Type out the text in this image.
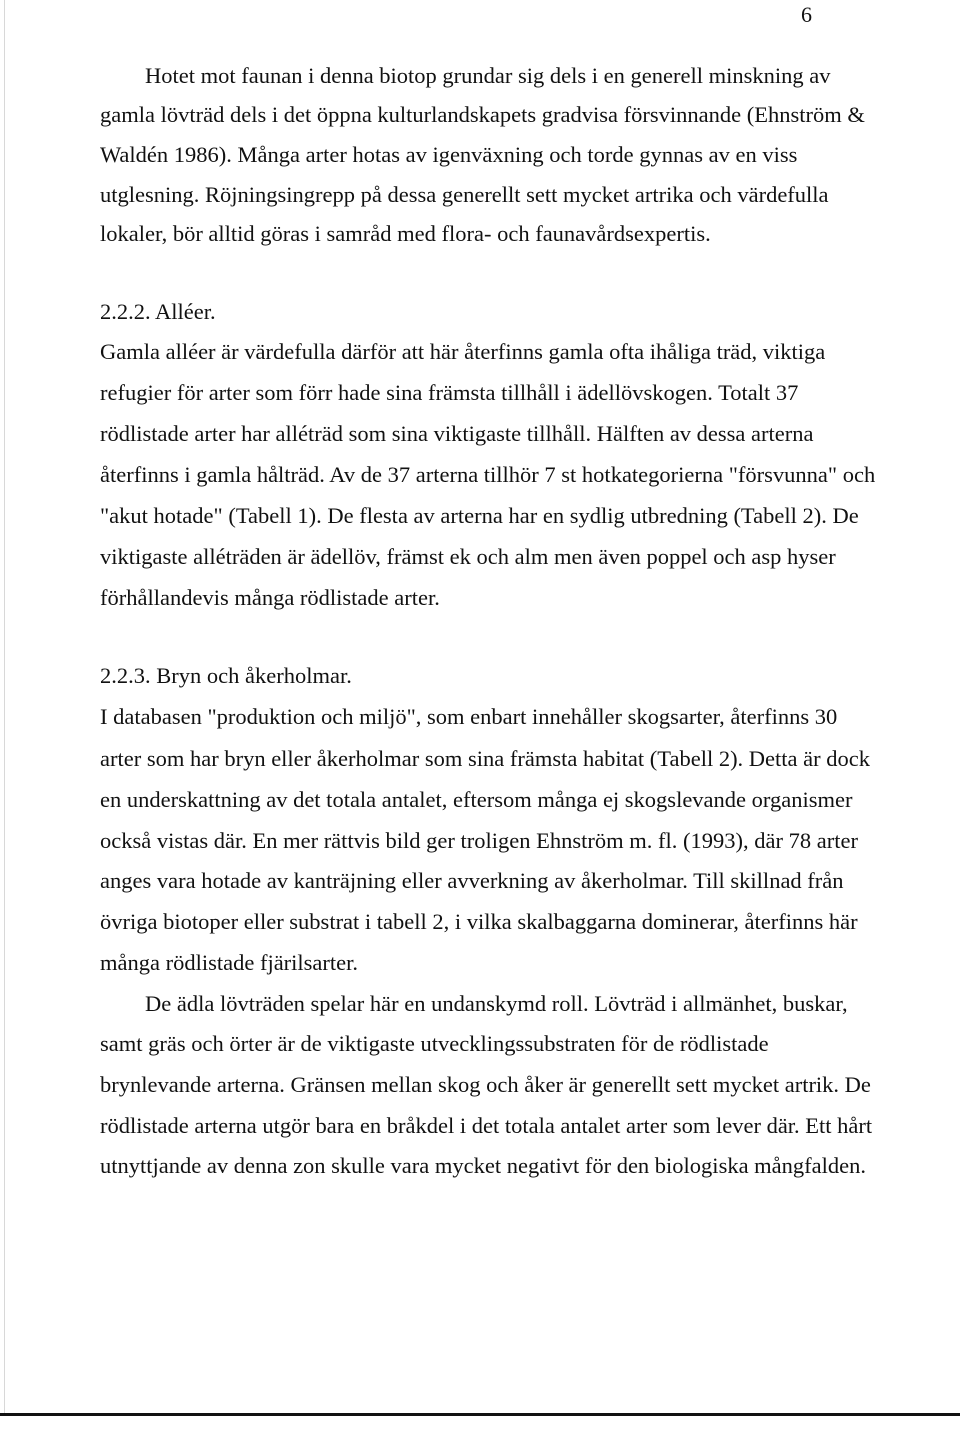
6
Hotet mot faunan i denna biotop grundar sig dels i en generell minskning av
gamla lövträd dels i det öppna kulturlandskapets gradvisa försvinnande (Ehnström &
Waldén 1986). Många arter hotas av igenväxning och torde gynnas av en viss
utglesning. Röjningsingrepp på dessa generellt sett mycket artrika och värdefulla
lokaler, bör alltid göras i samråd med flora- och faunavårdsexpertis.
2.2.2. Alléer.
Gamla alléer är värdefulla därför att här återfinns gamla ofta ihåliga träd, viktiga
refugier för arter som förr hade sina främsta tillhåll i ädellövskogen. Totalt 37
rödlistade arter har alléträd som sina viktigaste tillhåll. Hälften av dessa arterna
återfinns i gamla hålträd. Av de 37 arterna tillhör 7 st hotkategorierna "försvunna" och
"akut hotade" (Tabell 1). De flesta av arterna har en sydlig utbredning (Tabell 2). De
viktigaste alléträden är ädellöv, främst ek och alm men även poppel och asp hyser
förhållandevis många rödlistade arter.
2.2.3. Bryn och åkerholmar.
I databasen "produktion och miljö", som enbart innehåller skogsarter, återfinns 30
arter som har bryn eller åkerholmar som sina främsta habitat (Tabell 2). Detta är dock
en underskattning av det totala antalet, eftersom många ej skogslevande organismer
också vistas där. En mer rättvis bild ger troligen Ehnström m. fl. (1993), där 78 arter
anges vara hotade av kanträjning eller avverkning av åkerholmar. Till skillnad från
övriga biotoper eller substrat i tabell 2, i vilka skalbaggarna dominerar, återfinns här
många rödlistade fjärilsarter.
De ädla lövträden spelar här en undanskymd roll. Lövträd i allmänhet, buskar,
samt gräs och örter är de viktigaste utvecklingssubstraten för de rödlistade
brynlevande arterna. Gränsen mellan skog och åker är generellt sett mycket artrik. De
rödlistade arterna utgör bara en bråkdel i det totala antalet arter som lever där. Ett hårt
utnyttjande av denna zon skulle vara mycket negativt för den biologiska mångfalden.
